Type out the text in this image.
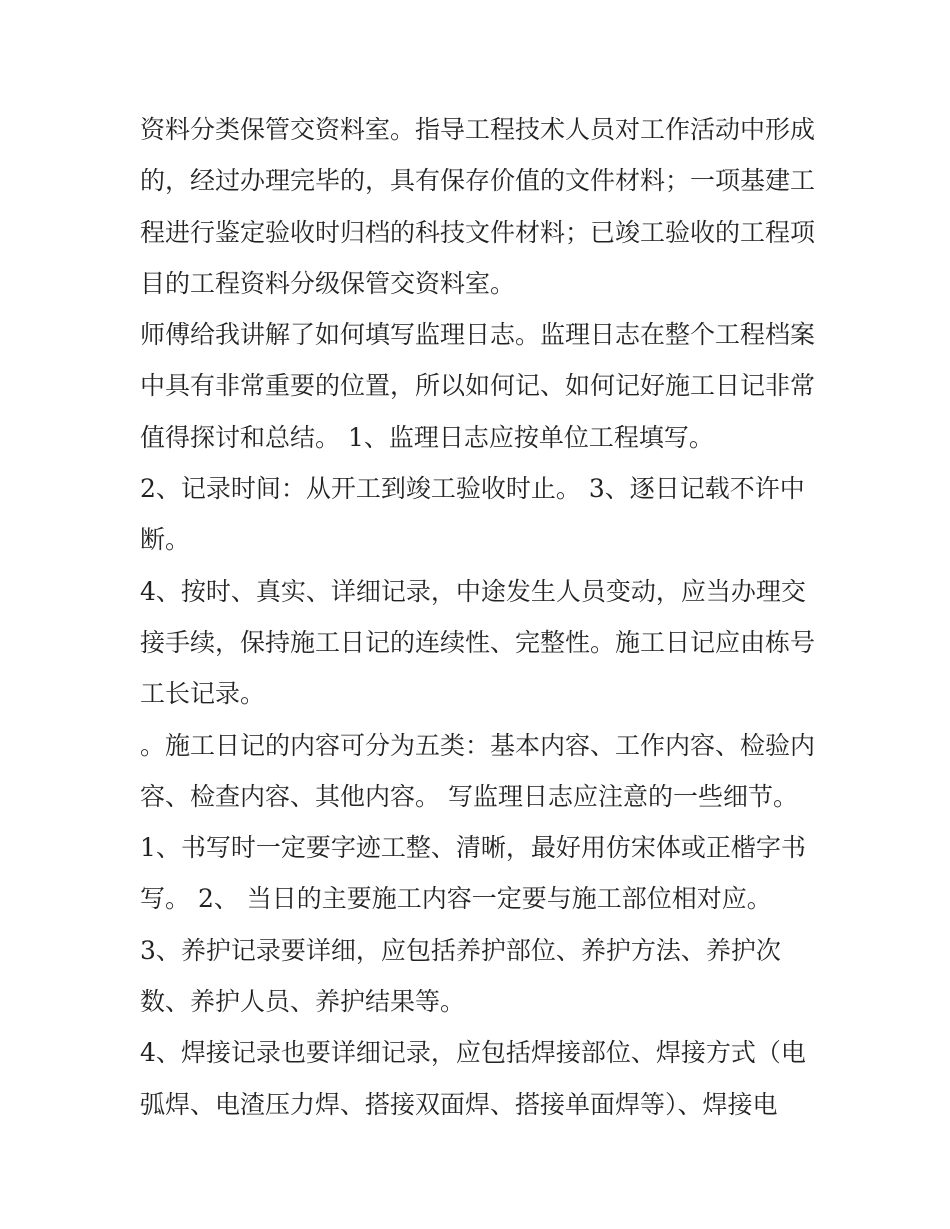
资料分类保管交资料室。指导工程技术人员对工作活动中形成
的，经过办理完毕的，具有保存价值的文件材料；一项基建工
程进行鉴定验收时归档的科技文件材料；已竣工验收的工程项
目的工程资料分级保管交资料室。
师傅给我讲解了如何填写监理日志。监理日志在整个工程档案
中具有非常重要的位置，所以如何记、如何记好施工日记非常
值得探讨和总结。 1、监理日志应按单位工程填写。
2、记录时间：从开工到竣工验收时止。 3、逐日记载不许中
断。
4、按时、真实、详细记录，中途发生人员变动，应当办理交
接手续，保持施工日记的连续性、完整性。施工日记应由栋号
工长记录。
。施工日记的内容可分为五类：基本内容、工作内容、检验内
容、检查内容、其他内容。 写监理日志应注意的一些细节。
1、书写时一定要字迹工整、清晰，最好用仿宋体或正楷字书
写。 2、 当日的主要施工内容一定要与施工部位相对应。
3、养护记录要详细，应包括养护部位、养护方法、养护次
数、养护人员、养护结果等。
4、焊接记录也要详细记录，应包括焊接部位、焊接方式（电
弧焊、电渣压力焊、搭接双面焊、搭接单面焊等）、焊接电
